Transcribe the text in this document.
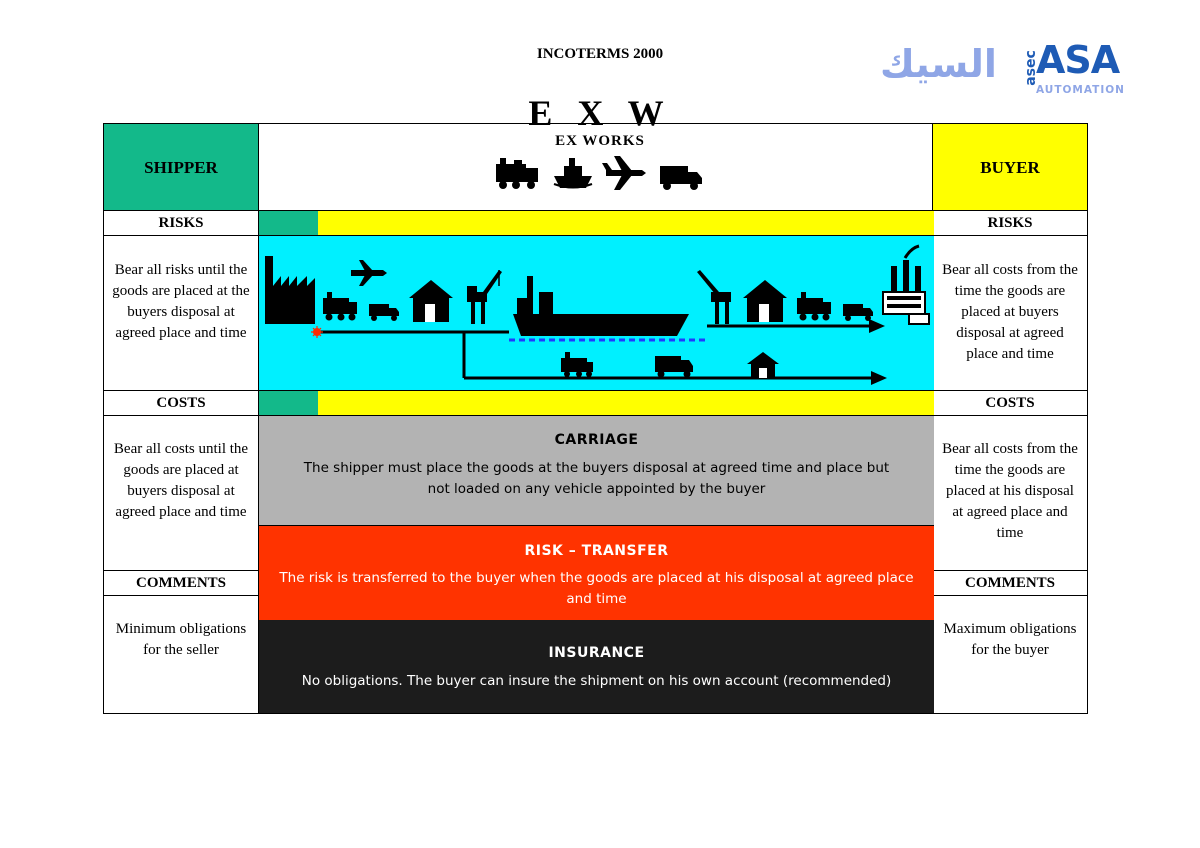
INCOTERMS 2000
E X W
EX WORKS
السيك asec
ASA
AUTOMATION
SHIPPER	BUYER
RISKS
Bear all risks until the goods are placed at the buyers disposal at agreed place and time
COSTS
Bear all costs until the goods are placed at buyers disposal at agreed place and time
COMMENTS
Minimum obligations for the seller
RISKS
Bear all costs from the time the goods are placed at buyers disposal at agreed place and time
COSTS
Bear all costs from the time the goods are placed at his disposal at agreed place and time
COMMENTS
Maximum obligations for the buyer
CARRIAGE
The shipper must place the goods at the buyers disposal at agreed time and place but
not loaded on any vehicle appointed by the buyer
RISK – TRANSFER
The risk is transferred to the buyer when the goods are placed at his disposal at agreed place
and time
INSURANCE
No obligations. The buyer can insure the shipment on his own account (recommended)
